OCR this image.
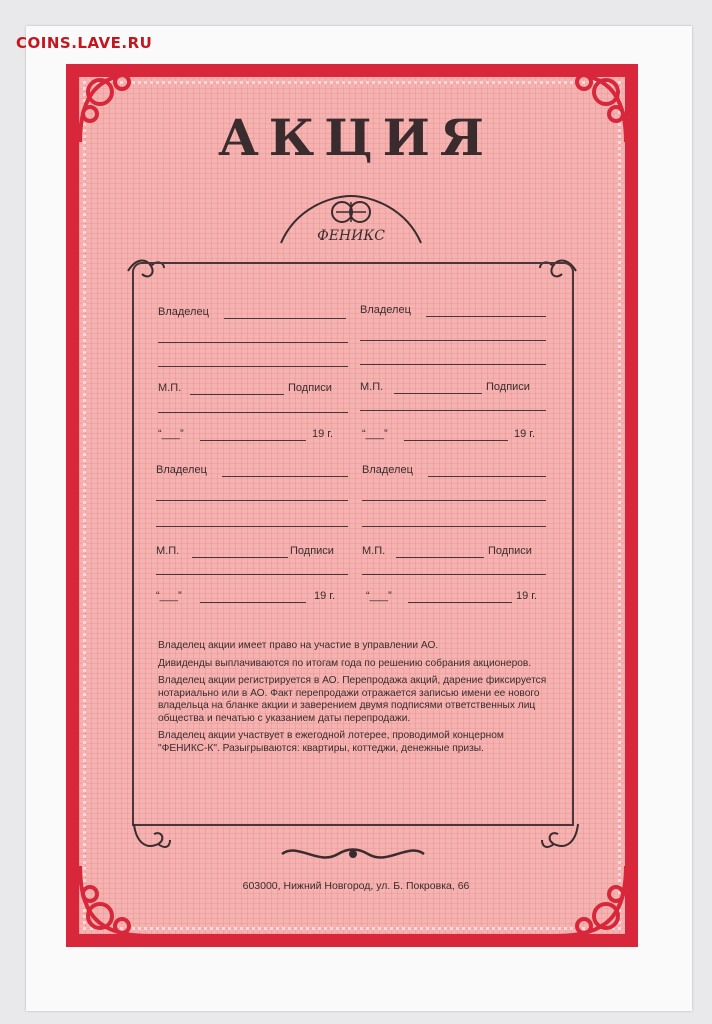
COINS.LAVE.RU
АКЦИЯ
ФЕНИКС
Владелец
М.П.	Подписи
“___”	19 г.
Владелец
М.П.	Подписи
“___”	19 г.
Владелец
М.П.	Подписи
“___”	19 г.
Владелец
М.П.	Подписи
“___”	19 г.

Владелец акции имеет право на участие в управлении АО.

Дивиденды выплачиваются по итогам года по решению собрания акционеров.

Владелец акции регистрируется в АО. Перепродажа акций, дарение фиксируется нотариально или в АО. Факт перепродажи отражается записью имени ее нового владельца на бланке акции и заверением двумя подписями ответственных лиц общества и печатью с указанием даты перепродажи.

Владелец акции участвует в ежегодной лотерее, проводимой концерном "ФЕНИКС-К". Разыгрываются: квартиры, коттеджи, денежные призы.

603000, Нижний Новгород, ул. Б. Покровка, 66
